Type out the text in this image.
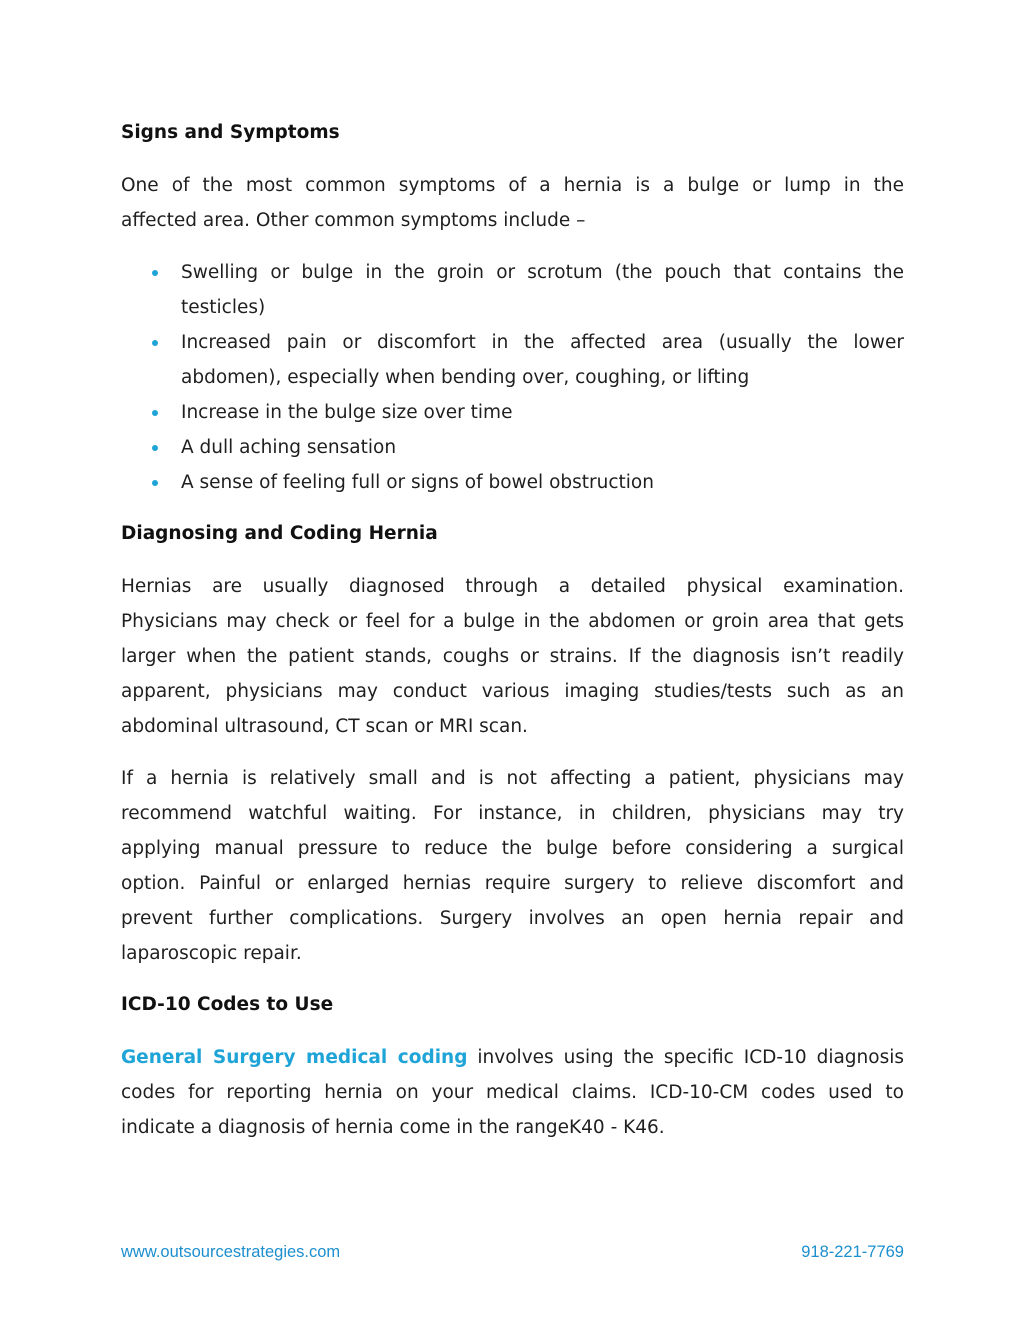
Signs and Symptoms

One of the most common symptoms of a hernia is a bulge or lump in the
affected area. Other common symptoms include –

Swelling or bulge in the groin or scrotum (the pouch that contains the
testicles)
Increased pain or discomfort in the affected area (usually the lower
abdomen), especially when bending over, coughing, or lifting
Increase in the bulge size over time
A dull aching sensation
A sense of feeling full or signs of bowel obstruction
Diagnosing and Coding Hernia

Hernias are usually diagnosed through a detailed physical examination.
Physicians may check or feel for a bulge in the abdomen or groin area that gets
larger when the patient stands, coughs or strains. If the diagnosis isn’t readily
apparent, physicians may conduct various imaging studies/tests such as an
abdominal ultrasound, CT scan or MRI scan.

If a hernia is relatively small and is not affecting a patient, physicians may
recommend watchful waiting. For instance, in children, physicians may try
applying manual pressure to reduce the bulge before considering a surgical
option. Painful or enlarged hernias require surgery to relieve discomfort and
prevent further complications. Surgery involves an open hernia repair and
laparoscopic repair.

ICD-10 Codes to Use

General Surgery medical coding involves using the specific ICD-10 diagnosis
codes for reporting hernia on your medical claims. ICD-10-CM codes used to
indicate a diagnosis of hernia come in the rangeK40 - K46.

www.outsourcestrategies.com	918-221-7769
